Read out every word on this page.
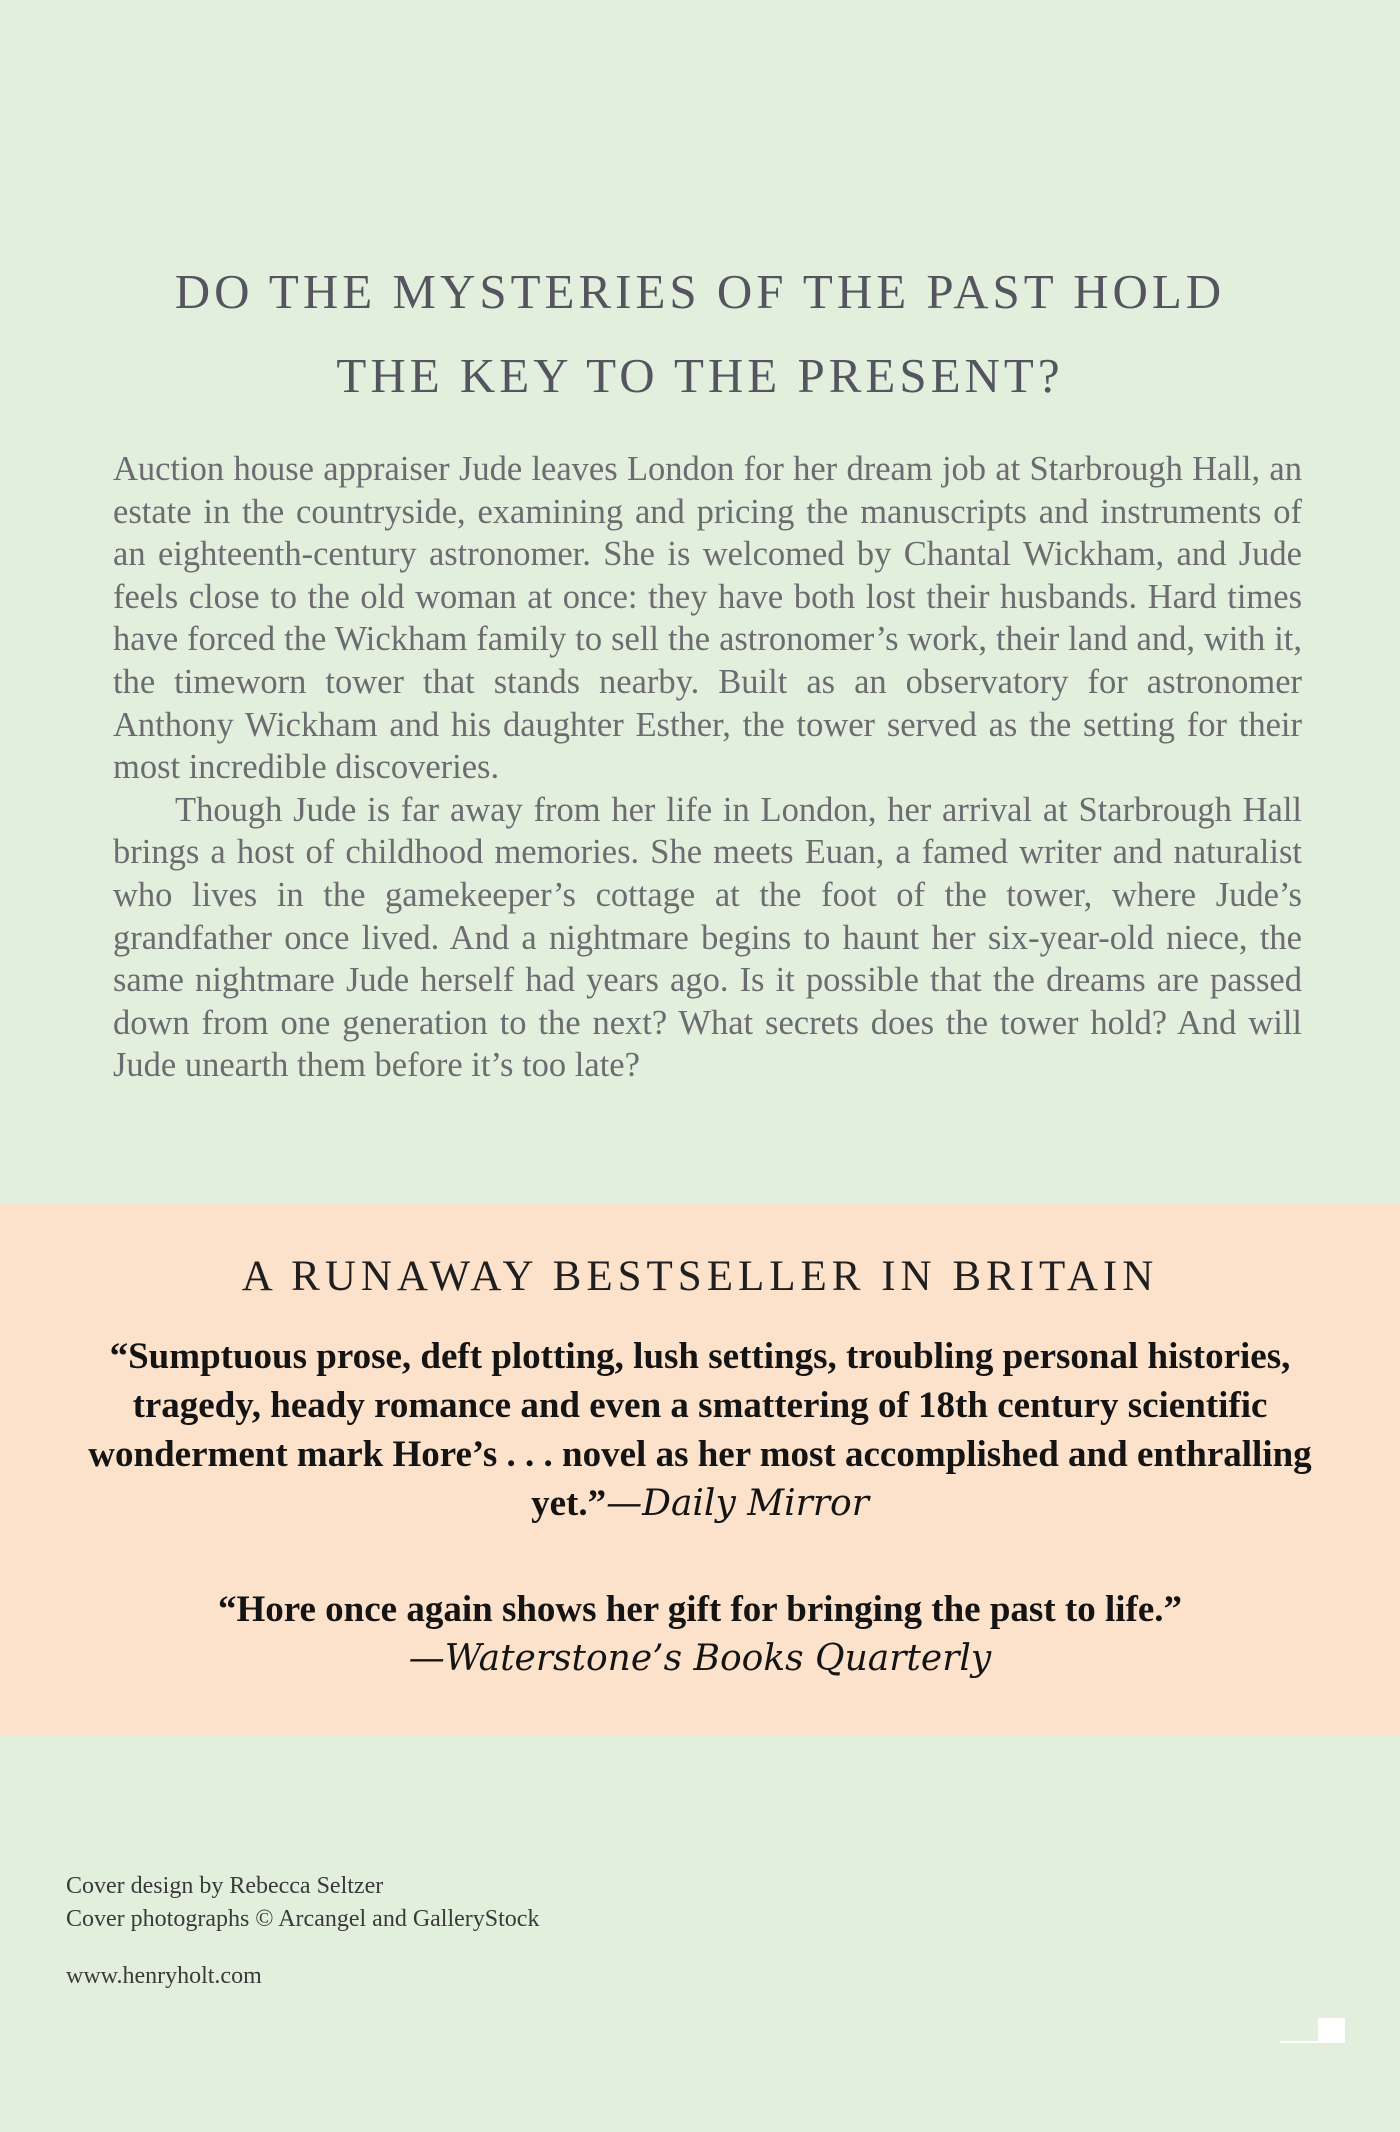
DO THE MYSTERIES OF THE PAST HOLD
THE KEY TO THE PRESENT?

Auction house appraiser Jude leaves London for her dream job at Starbrough Hall, an estate in the countryside, examining and pricing the manuscripts and instruments of an eighteenth-century astronomer. She is welcomed by Chantal Wickham, and Jude feels close to the old woman at once: they have both lost their husbands. Hard times have forced the Wickham family to sell the astronomer’s work, their land and, with it, the timeworn tower that stands nearby. Built as an observatory for astronomer Anthony Wickham and his daughter Esther, the tower served as the setting for their most incredible discoveries.

Though Jude is far away from her life in London, her arrival at Starbrough Hall brings a host of childhood memories. She meets Euan, a famed writer and naturalist who lives in the gamekeeper’s cottage at the foot of the tower, where Jude’s grandfather once lived. And a nightmare begins to haunt her six-year-old niece, the same nightmare Jude herself had years ago. Is it possible that the dreams are passed down from one generation to the next? What secrets does the tower hold? And will Jude unearth them before it’s too late?

A RUNAWAY BESTSELLER IN BRITAIN
“Sumptuous prose, deft plotting, lush settings, troubling personal histories, tragedy, heady romance and even a smattering of 18th century scientific wonderment mark Hore’s . . . novel as her most accomplished and enthralling yet.”—Daily Mirror
“Hore once again shows her gift for bringing the past to life.”
—Waterstone’s Books Quarterly
Cover design by Rebecca Seltzer
Cover photographs © Arcangel and GalleryStock
www.henryholt.com
